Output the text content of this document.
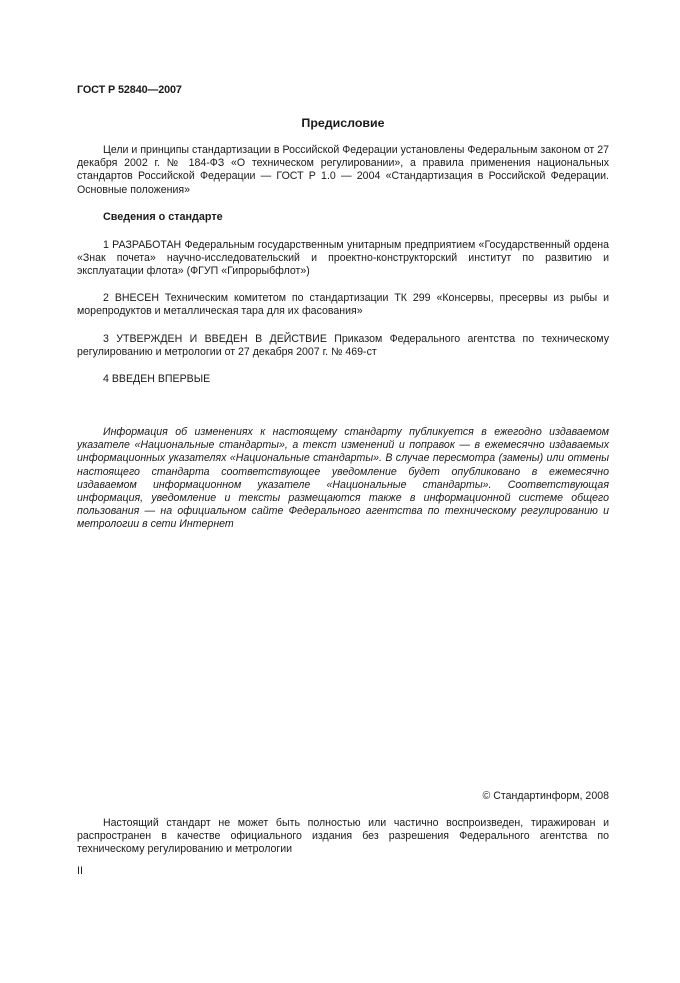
ГОСТ Р 52840—2007
Предисловие

Цели и принципы стандартизации в Российской Федерации установлены Федеральным законом от 27 декабря 2002 г. № 184-ФЗ «О техническом регулировании», а правила применения национальных стандартов Российской Федерации — ГОСТ Р 1.0 — 2004 «Стандартизация в Российской Федерации. Основные положения»

Сведения о стандарте

1 РАЗРАБОТАН Федеральным государственным унитарным предприятием «Государственный ордена «Знак почета» научно-исследовательский и проектно-конструкторский институт по развитию и эксплуатации флота» (ФГУП «Гипрорыбфлот»)

2 ВНЕСЕН Техническим комитетом по стандартизации ТК 299 «Консервы, пресервы из рыбы и морепродуктов и металлическая тара для их фасования»

3 УТВЕРЖДЕН И ВВЕДЕН В ДЕЙСТВИЕ Приказом Федерального агентства по техническому регулированию и метрологии от 27 декабря 2007 г. № 469-ст

4 ВВЕДЕН ВПЕРВЫЕ

Информация об изменениях к настоящему стандарту публикуется в ежегодно издаваемом указателе «Национальные стандарты», а текст изменений и поправок — в ежемесячно издаваемых информационных указателях «Национальные стандарты». В случае пересмотра (замены) или отмены настоящего стандарта соответствующее уведомление будет опубликовано в ежемесячно издаваемом информационном указателе «Национальные стандарты». Соответствующая информация, уведомление и тексты размещаются также в информационной системе общего пользования — на официальном сайте Федерального агентства по техническому регулированию и метрологии в сети Интернет

© Стандартинформ, 2008

Настоящий стандарт не может быть полностью или частично воспроизведен, тиражирован и распространен в качестве официального издания без разрешения Федерального агентства по техническому регулированию и метрологии

II
